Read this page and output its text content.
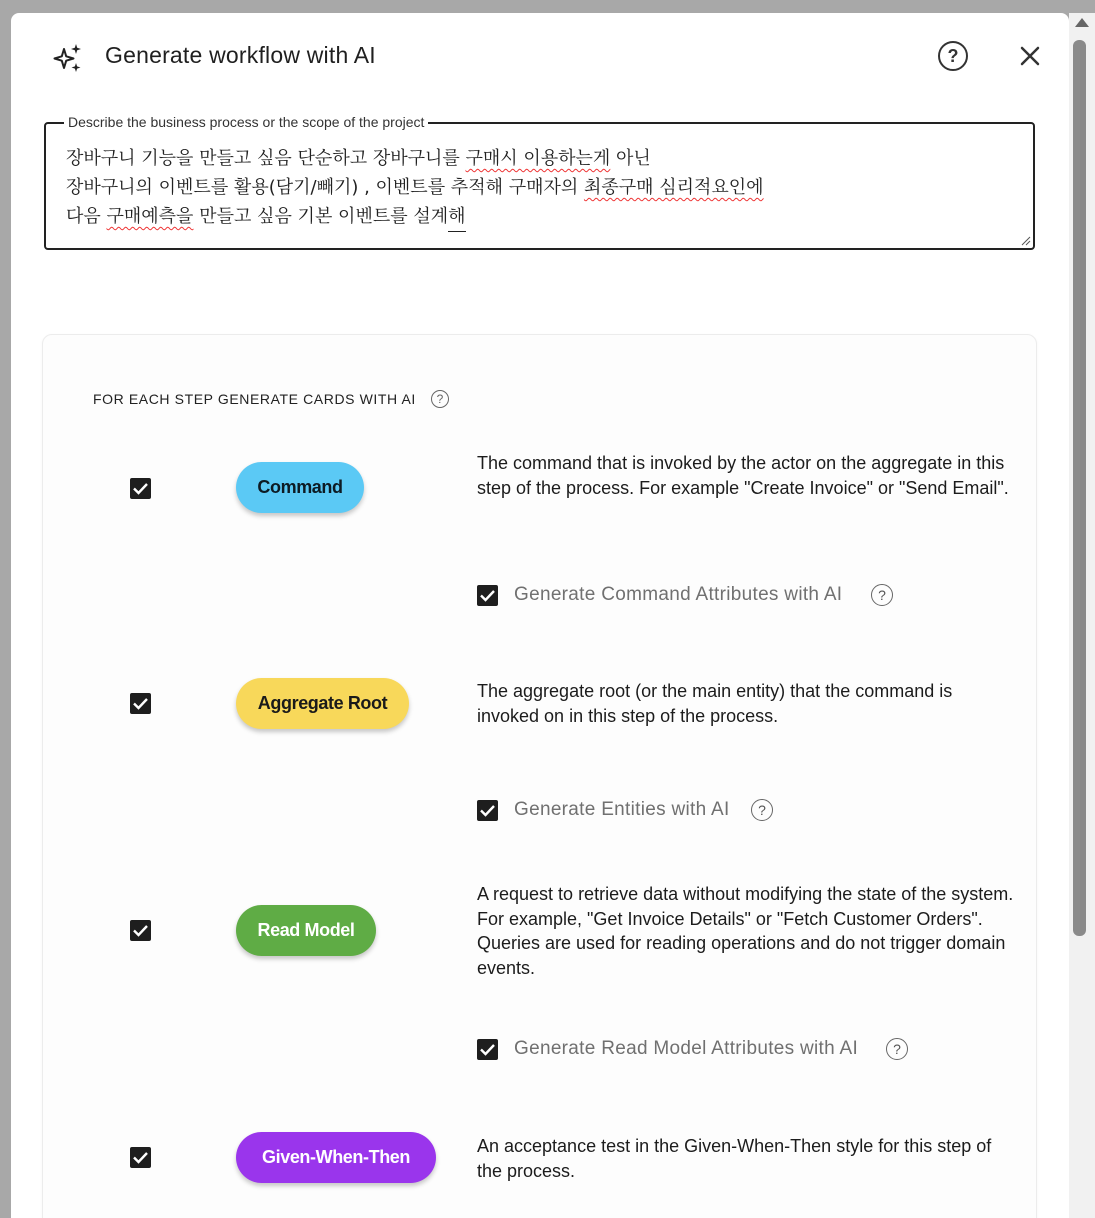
Generate workflow with AI	?
Describe the business process or the scope of the project
장바구니 기능을 만들고 싶음 단순하고 장바구니를 구매시 이용하는게 아닌
장바구니의 이벤트를 활용(담기/빼기) , 이벤트를 추적해 구매자의 최종구매 심리적요인에
다음 구매예측을 만들고 싶음 기본 이벤트를 설계해
FOR EACH STEP GENERATE CARDS WITH AI	?
Command
The command that is invoked by the actor on the aggregate in this step of the process. For example "Create Invoice" or "Send Email".
Generate Command Attributes with AI	?
Aggregate Root
The aggregate root (or the main entity) that the command is invoked on in this step of the process.
Generate Entities with AI	?
Read Model
A request to retrieve data without modifying the state of the system. For example, "Get Invoice Details" or "Fetch Customer Orders". Queries are used for reading operations and do not trigger domain events.
Generate Read Model Attributes with AI	?
Given-When-Then
An acceptance test in the Given-When-Then style for this step of the process.
